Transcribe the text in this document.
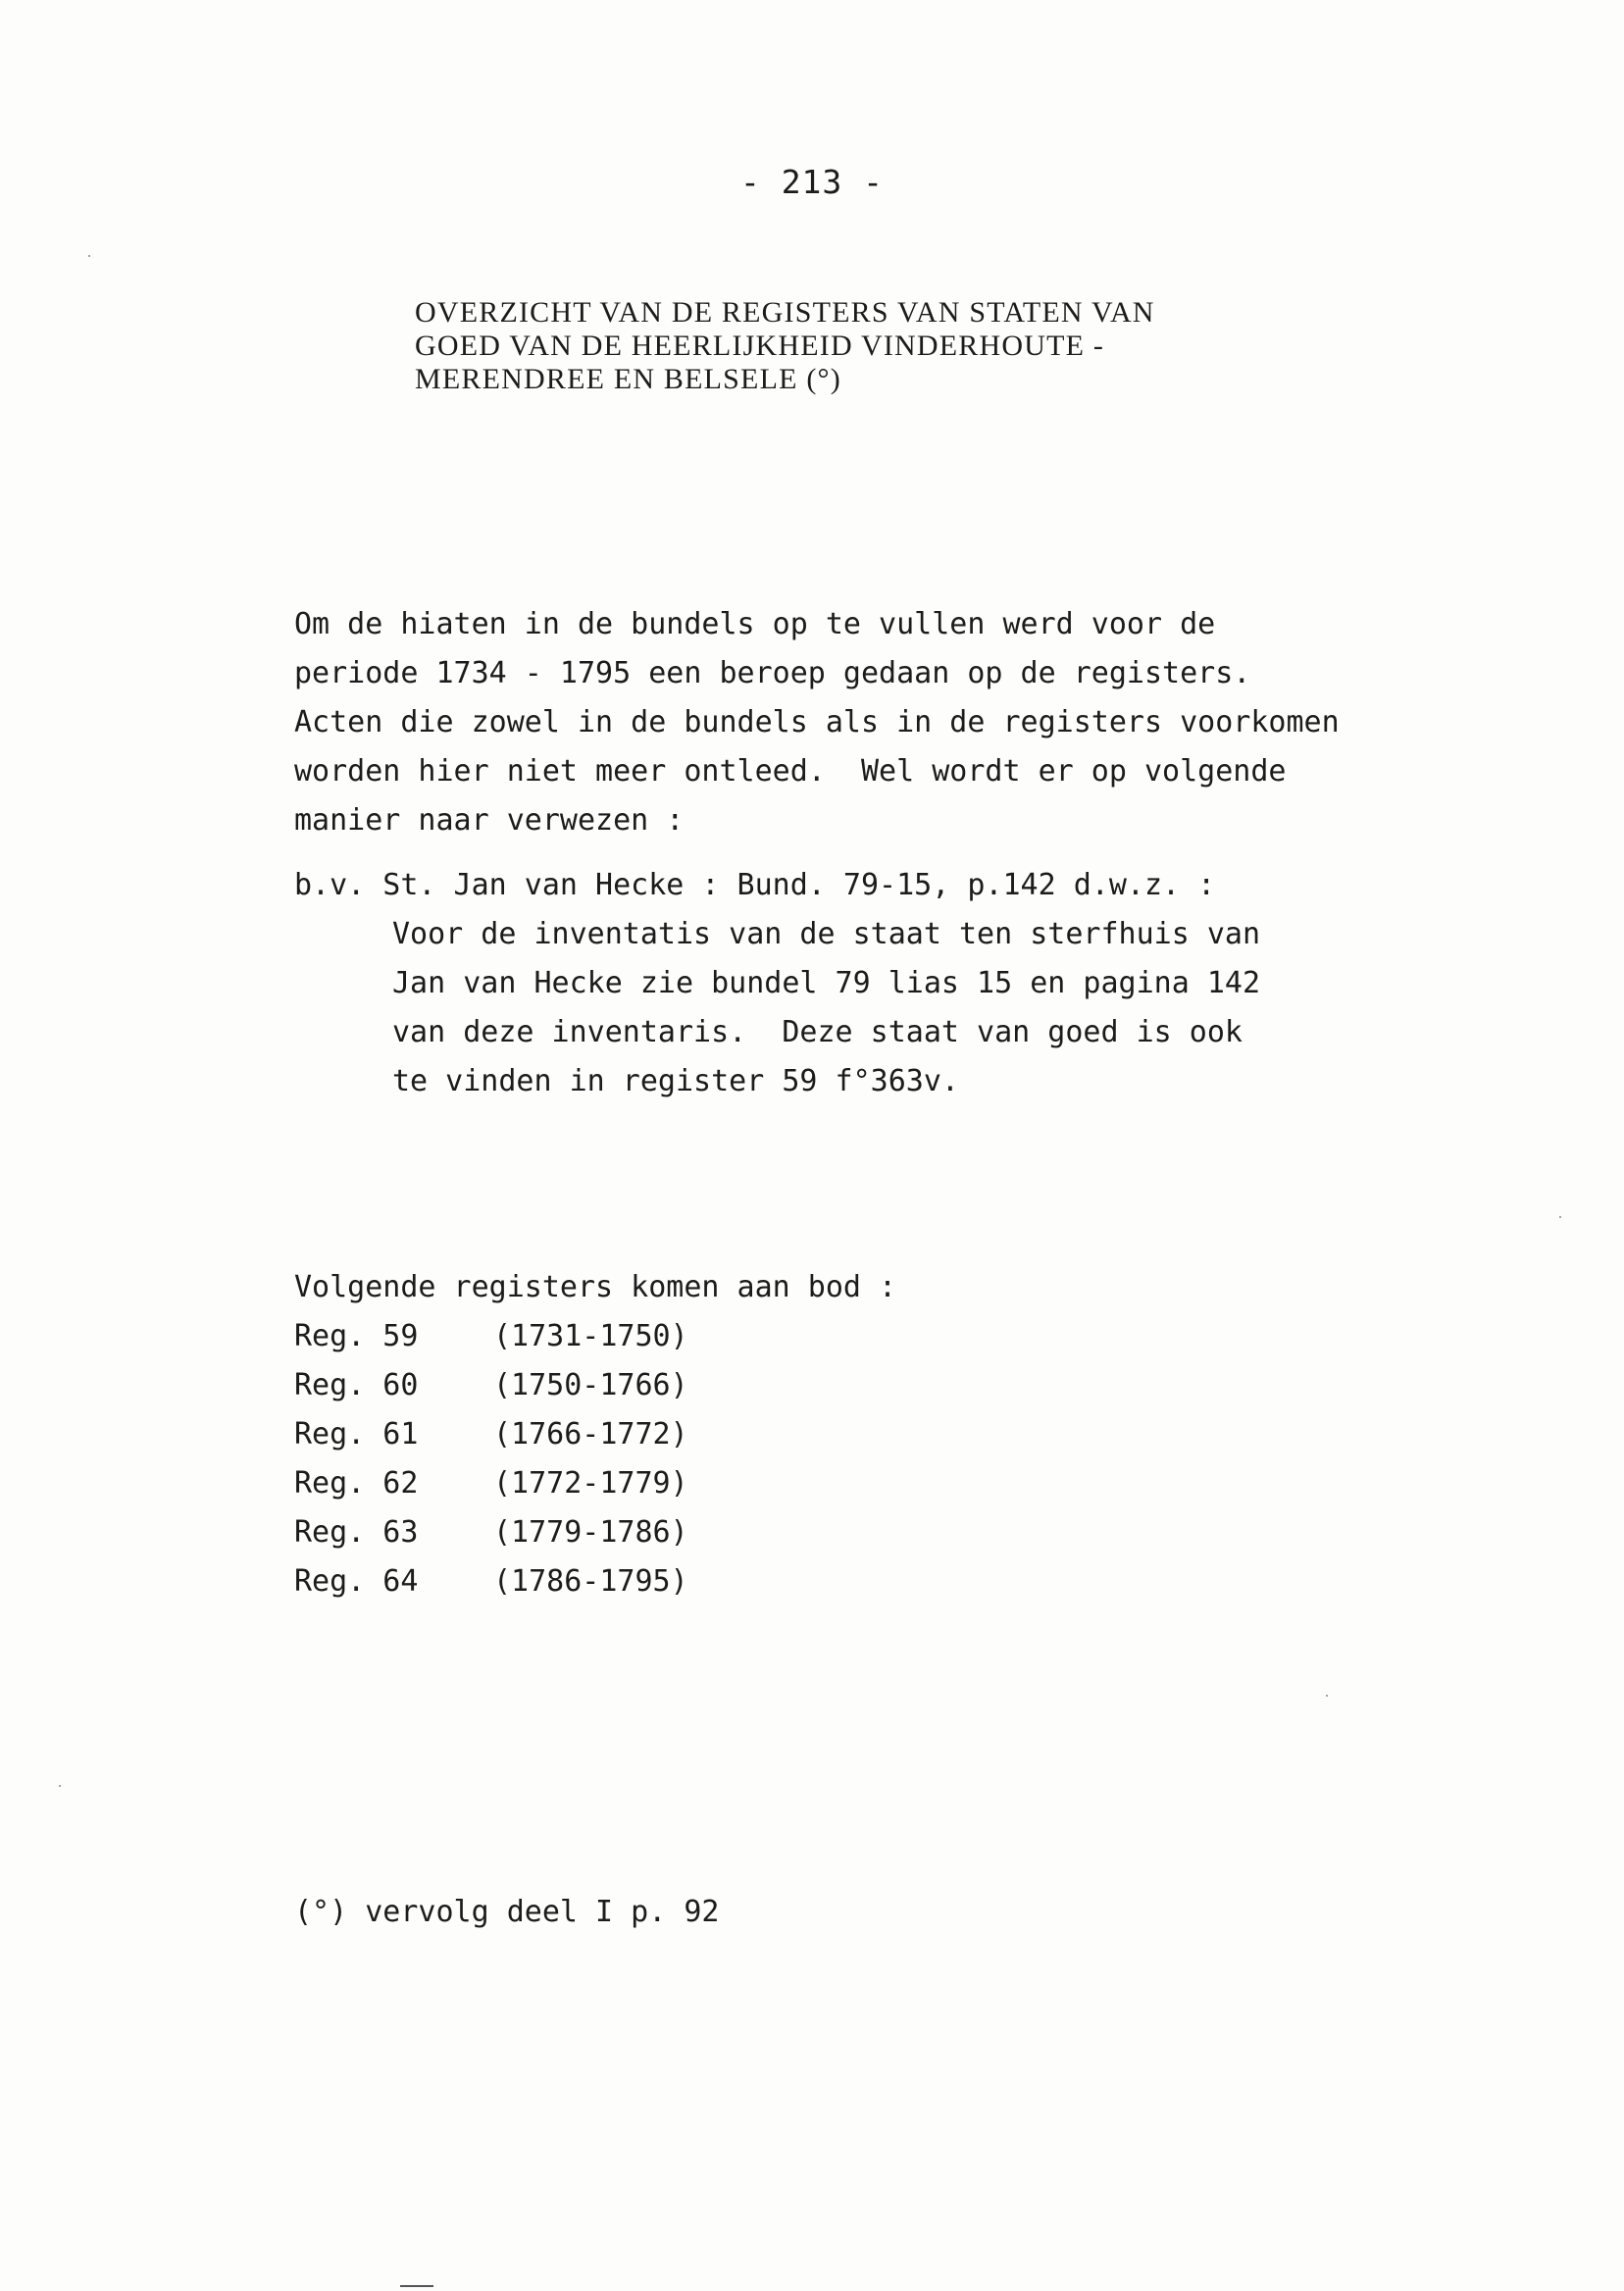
- 213 -
OVERZICHT VAN DE REGISTERS VAN STATEN VAN
GOED VAN DE HEERLIJKHEID VINDERHOUTE -
MERENDREE EN BELSELE (°)
Om de hiaten in de bundels op te vullen werd voor de
periode 1734 - 1795 een beroep gedaan op de registers.
Acten die zowel in de bundels als in de registers voorkomen
worden hier niet meer ontleed.  Wel wordt er op volgende
manier naar verwezen :
b.v. St. Jan van Hecke : Bund. 79-15, p.142 d.w.z. :
Voor de inventatis van de staat ten sterfhuis van
Jan van Hecke zie bundel 79 lias 15 en pagina 142
van deze inventaris.  Deze staat van goed is ook
te vinden in register 59 f°363v.
Volgende registers komen aan bod :
Reg. 59	(1731-1750)
Reg. 60	(1750-1766)
Reg. 61	(1766-1772)
Reg. 62	(1772-1779)
Reg. 63	(1779-1786)
Reg. 64	(1786-1795)
(°) vervolg deel I p. 92
